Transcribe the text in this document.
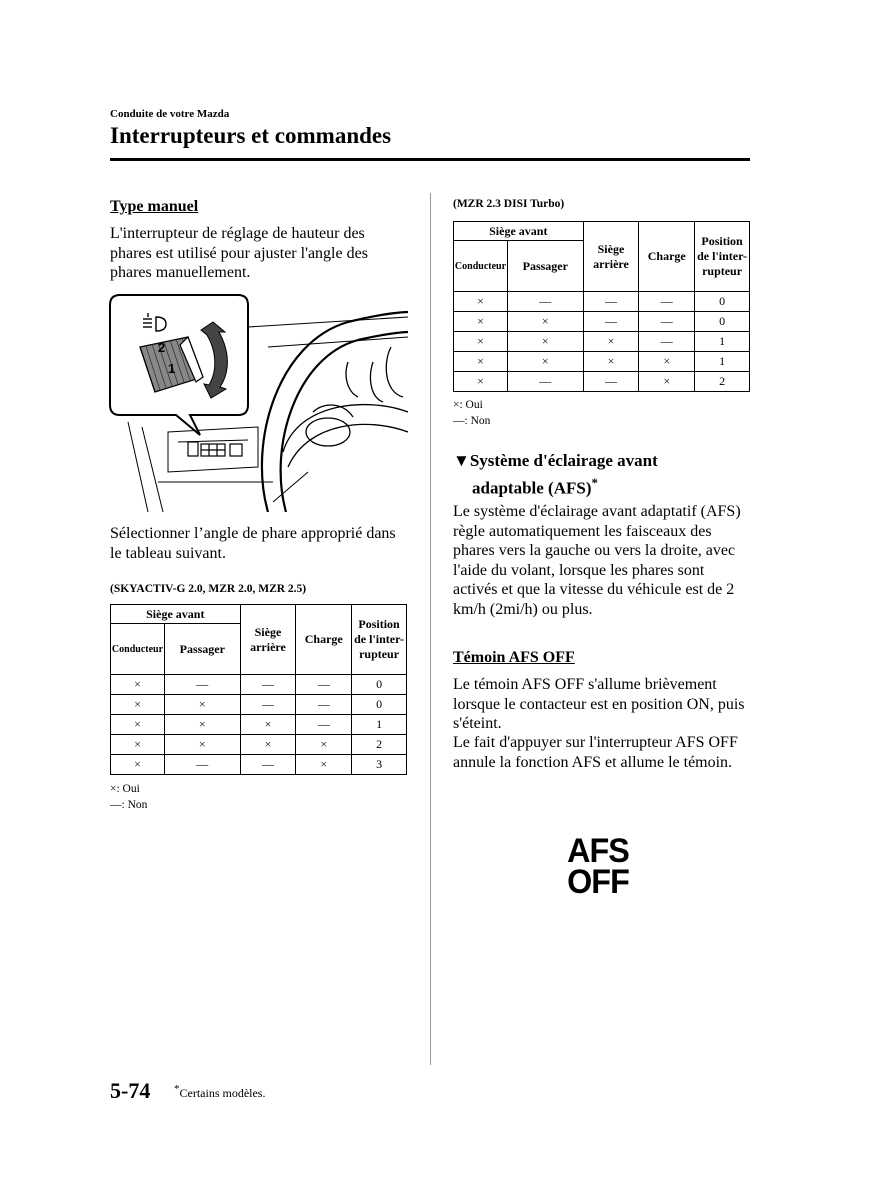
Conduite de votre Mazda
Interrupteurs et commandes
Type manuel
L'interrupteur de réglage de hauteur des phares est utilisé pour ajuster l'angle des phares manuellement.
2
1
Sélectionner l’angle de phare approprié dans le tableau suivant.
(SKYACTIV-G 2.0, MZR 2.0, MZR 2.5)
Siège avant		Siège arrière	Charge	Position de l'inter-rupteur
Conducteur	Passager			
×	—	—	—	0
×	×	—	—	0
×	×	×	—	1
×	×	×	×	2
×	—	—	×	3
×: Oui
—: Non
(MZR 2.3 DISI Turbo)
Siège avant		Siège arrière	Charge	Position de l'inter-rupteur
Conducteur	Passager			
×	—	—	—	0
×	×	—	—	0
×	×	×	—	1
×	×	×	×	1
×	—	—	×	2
×: Oui
—: Non
▼Système d'éclairage avant
adaptable (AFS)*
Le système d'éclairage avant adaptatif (AFS) règle automatiquement les faisceaux des phares vers la gauche ou vers la droite, avec l'aide du volant, lorsque les phares sont activés et que la vitesse du véhicule est de 2 km/h (2mi/h) ou plus.
Témoin AFS OFF
Le témoin AFS OFF s'allume brièvement lorsque le contacteur est en position ON, puis s'éteint.
Le fait d'appuyer sur l'interrupteur AFS OFF annule la fonction AFS et allume le témoin.
AFS
OFF
5-74 *Certains modèles.
